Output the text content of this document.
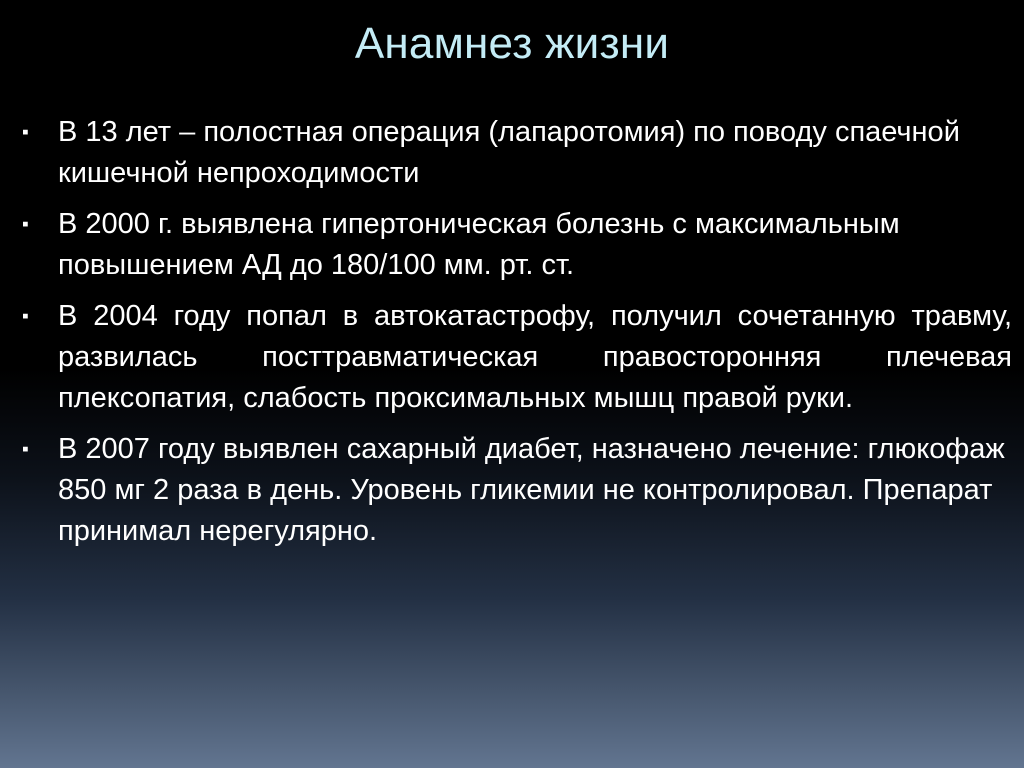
Анамнез жизни
▪	В 13 лет – полостная операция (лапаротомия) по поводу спаечной кишечной непроходимости
▪	В 2000 г. выявлена гипертоническая болезнь с максимальным повышением АД до 180/100 мм. рт. ст.
▪	В 2004 году попал в автокатастрофу, получил сочетанную травму, развилась посттравматическая правосторонняя плечевая плексопатия, слабость проксимальных мышц правой руки.
▪	В 2007 году выявлен сахарный диабет, назначено лечение: глюкофаж 850 мг 2 раза в день. Уровень гликемии не контролировал. Препарат принимал нерегулярно.
